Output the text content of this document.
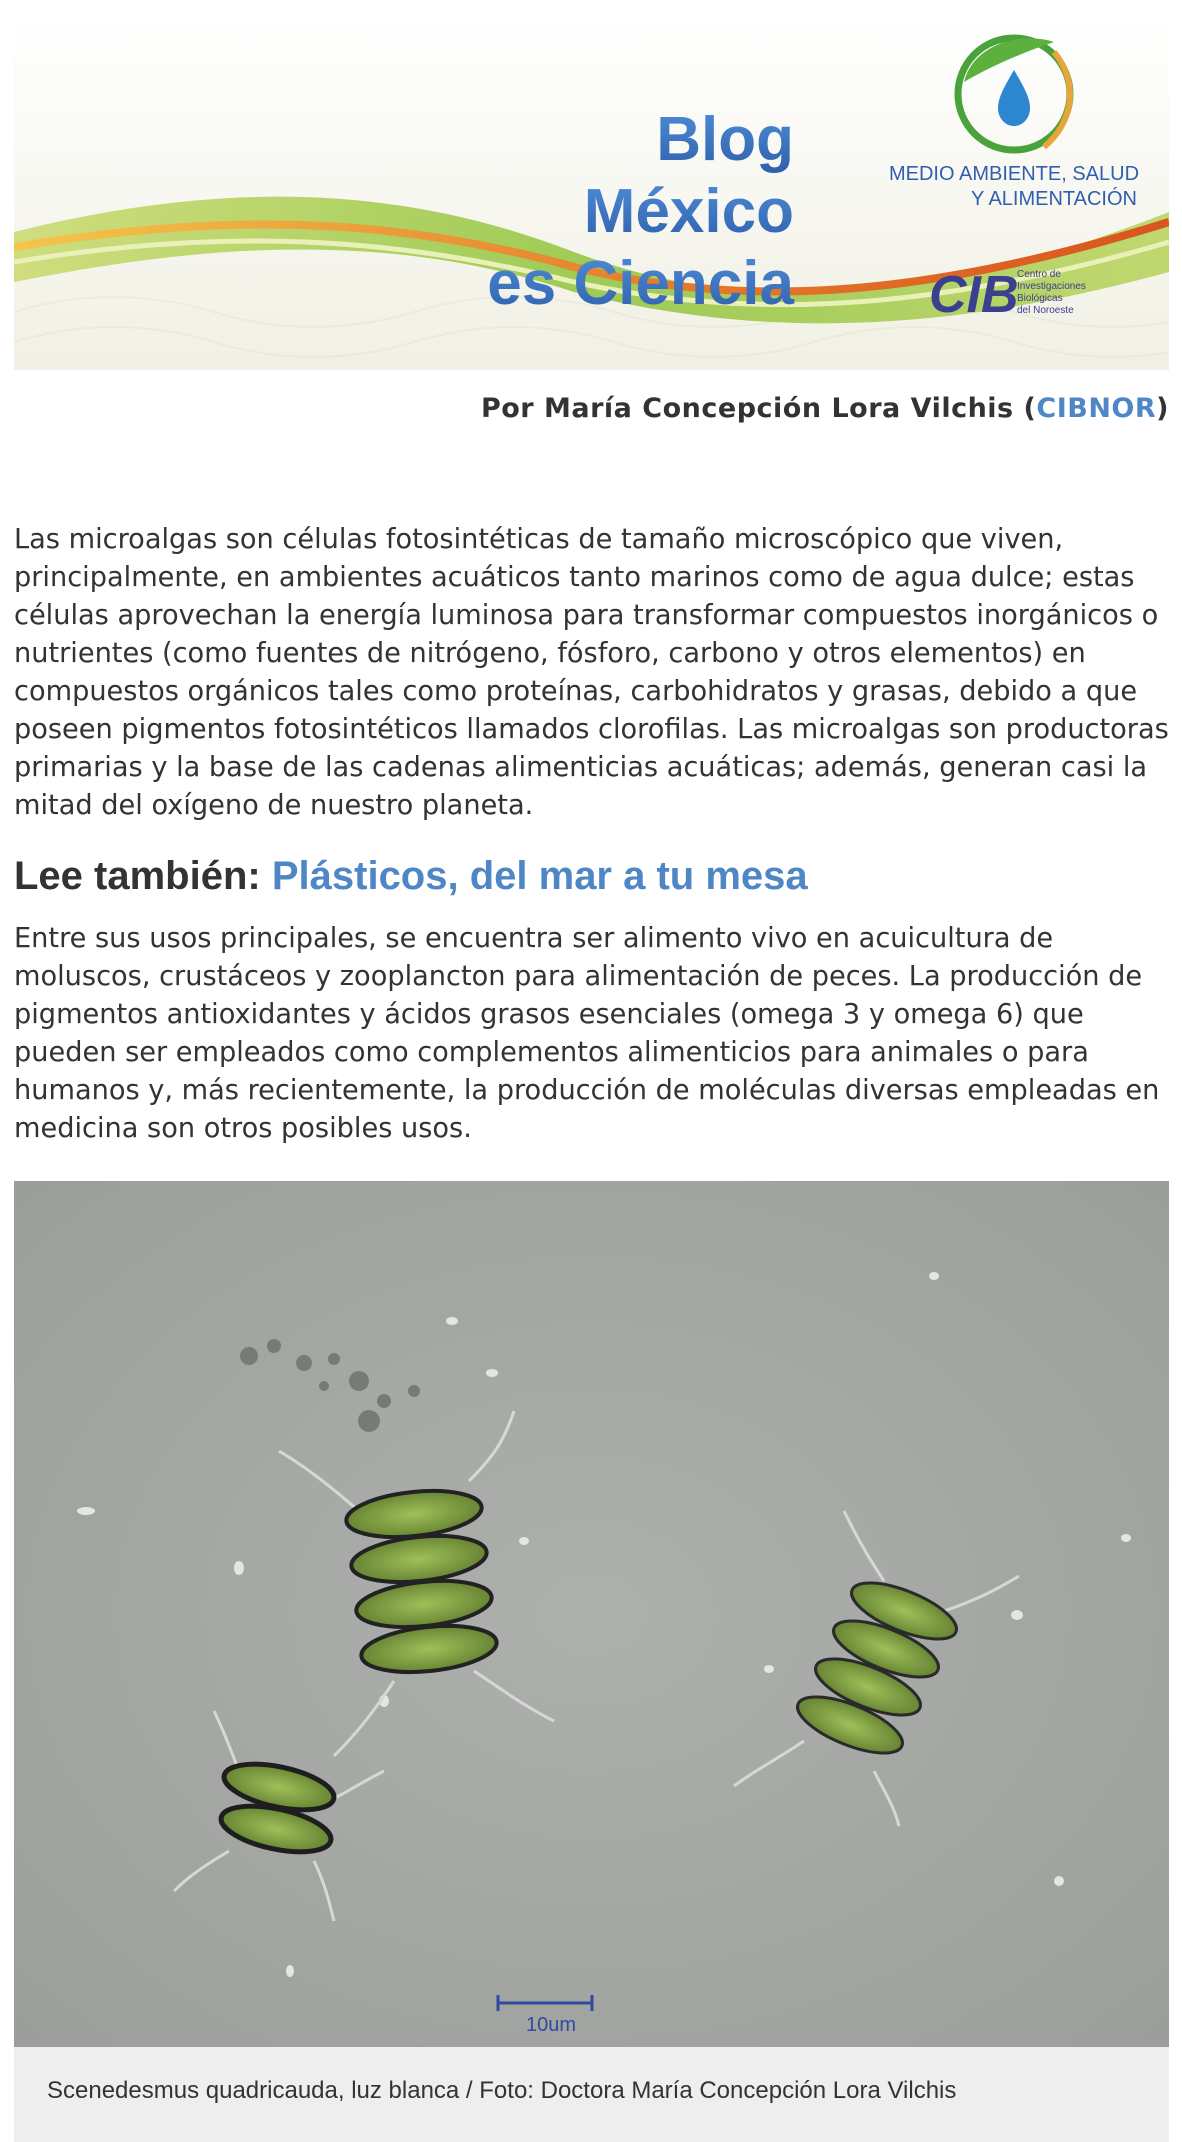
Blog
México
es Ciencia
MEDIO AMBIENTE, SALUD
Y ALIMENTACIÓN
CIB
Centro de
Investigaciones
Biológicas
del Noroeste

Por María Concepción Lora Vilchis (CIBNOR)

Las microalgas son células fotosintéticas de tamaño microscópico que viven, principalmente, en ambientes acuáticos tanto marinos como de agua dulce; estas células aprovechan la energía luminosa para transformar compuestos inorgánicos o nutrientes (como fuentes de nitrógeno, fósforo, carbono y otros elementos) en compuestos orgánicos tales como proteínas, carbohidratos y grasas, debido a que poseen pigmentos fotosintéticos llamados clorofilas. Las microalgas son productoras primarias y la base de las cadenas alimenticias acuáticas; además, generan casi la mitad del oxígeno de nuestro planeta.

Lee también: Plásticos, del mar a tu mesa

Entre sus usos principales, se encuentra ser alimento vivo en acuicultura de moluscos, crustáceos y zooplancton para alimentación de peces. La producción de pigmentos antioxidantes y ácidos grasos esenciales (omega 3 y omega 6) que pueden ser empleados como complementos alimenticios para animales o para humanos y, más recientemente, la producción de moléculas diversas empleadas en medicina son otros posibles usos.

10um
Scenedesmus quadricauda, luz blanca / Foto: Doctora María Concepción Lora Vilchis
